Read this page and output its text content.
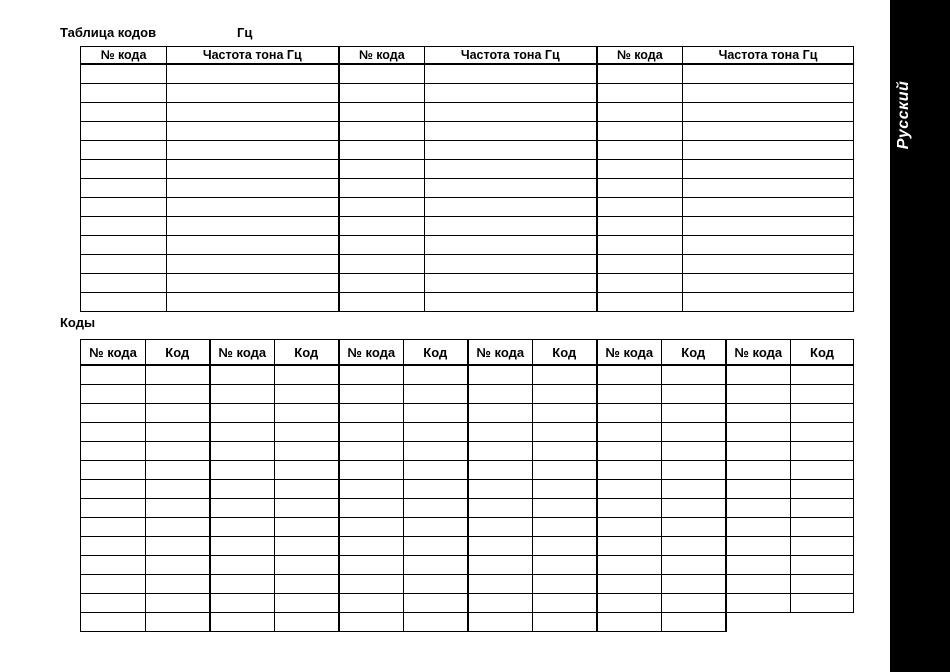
Таблица кодов	Гц
№ кода	Частота тона Гц	№ кода	Частота тона Гц	№ кода	Частота тона Гц

Коды
№ кода	Код	№ кода	Код	№ кода	Код	№ кода	Код	№ кода	Код	№ кода	Код

Русский
